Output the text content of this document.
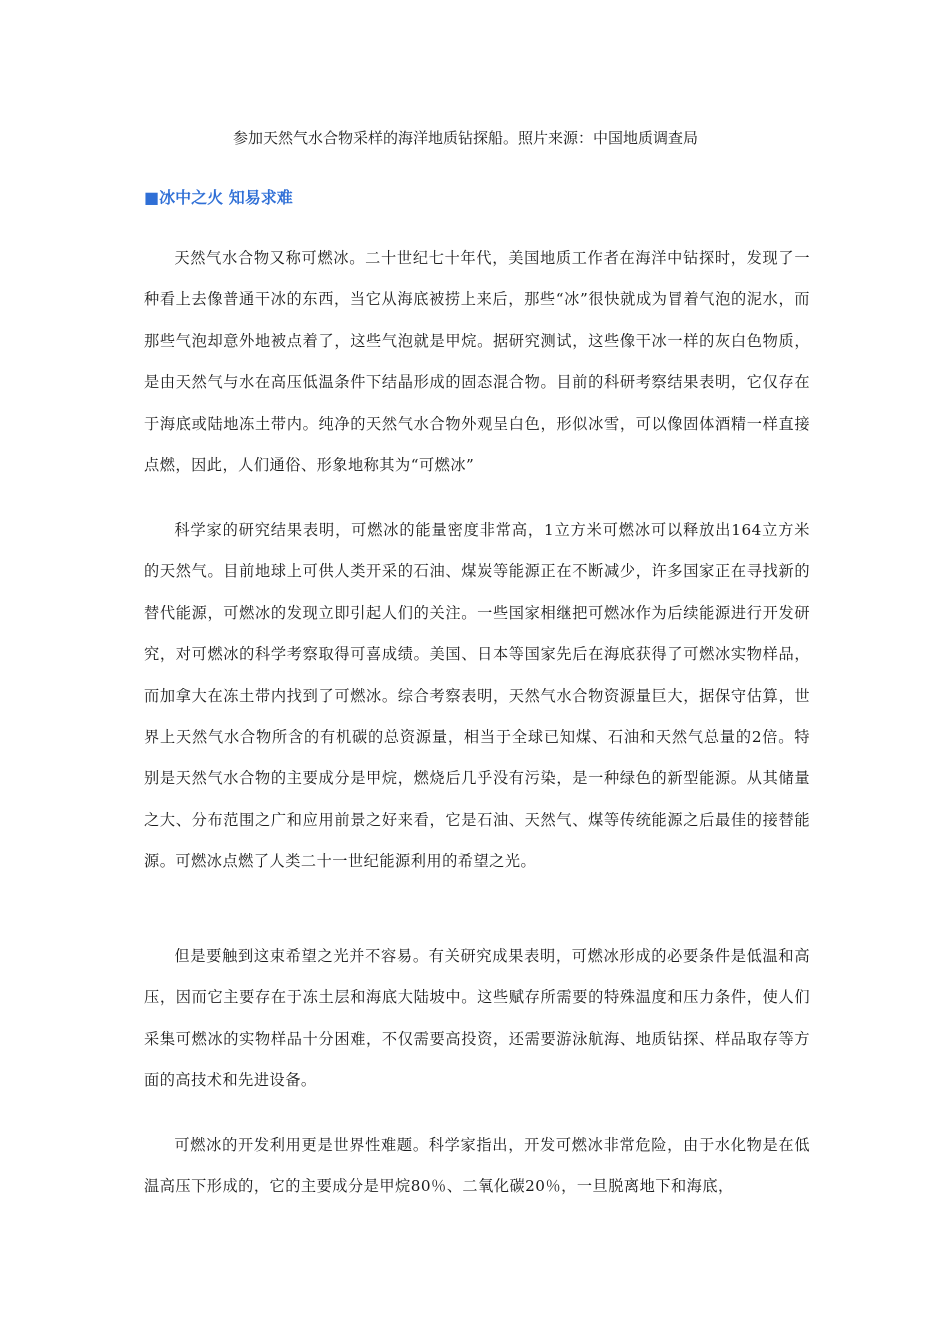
参加天然气水合物采样的海洋地质钻探船。照片来源：中国地质调查局
■冰中之火 知易求难

天然气水合物又称可燃冰。二十世纪七十年代，美国地质工作者在海洋中钻探时，发现了一种看上去像普通干冰的东西，当它从海底被捞上来后，那些“冰”很快就成为冒着气泡的泥水，而那些气泡却意外地被点着了，这些气泡就是甲烷。据研究测试，这些像干冰一样的灰白色物质，是由天然气与水在高压低温条件下结晶形成的固态混合物。目前的科研考察结果表明，它仅存在于海底或陆地冻土带内。纯净的天然气水合物外观呈白色，形似冰雪，可以像固体酒精一样直接点燃，因此，人们通俗、形象地称其为“可燃冰”

科学家的研究结果表明，可燃冰的能量密度非常高，1立方米可燃冰可以释放出164立方米的天然气。目前地球上可供人类开采的石油、煤炭等能源正在不断减少，许多国家正在寻找新的替代能源，可燃冰的发现立即引起人们的关注。一些国家相继把可燃冰作为后续能源进行开发研究，对可燃冰的科学考察取得可喜成绩。美国、日本等国家先后在海底获得了可燃冰实物样品，而加拿大在冻土带内找到了可燃冰。综合考察表明，天然气水合物资源量巨大，据保守估算，世界上天然气水合物所含的有机碳的总资源量，相当于全球已知煤、石油和天然气总量的2倍。特别是天然气水合物的主要成分是甲烷，燃烧后几乎没有污染，是一种绿色的新型能源。从其储量之大、分布范围之广和应用前景之好来看，它是石油、天然气、煤等传统能源之后最佳的接替能源。可燃冰点燃了人类二十一世纪能源利用的希望之光。

但是要触到这束希望之光并不容易。有关研究成果表明，可燃冰形成的必要条件是低温和高压，因而它主要存在于冻土层和海底大陆坡中。这些赋存所需要的特殊温度和压力条件，使人们采集可燃冰的实物样品十分困难，不仅需要高投资，还需要游泳航海、地质钻探、样品取存等方面的高技术和先进设备。

可燃冰的开发利用更是世界性难题。科学家指出，开发可燃冰非常危险，由于水化物是在低温高压下形成的，它的主要成分是甲烷80％、二氧化碳20％，一旦脱离地下和海底，
